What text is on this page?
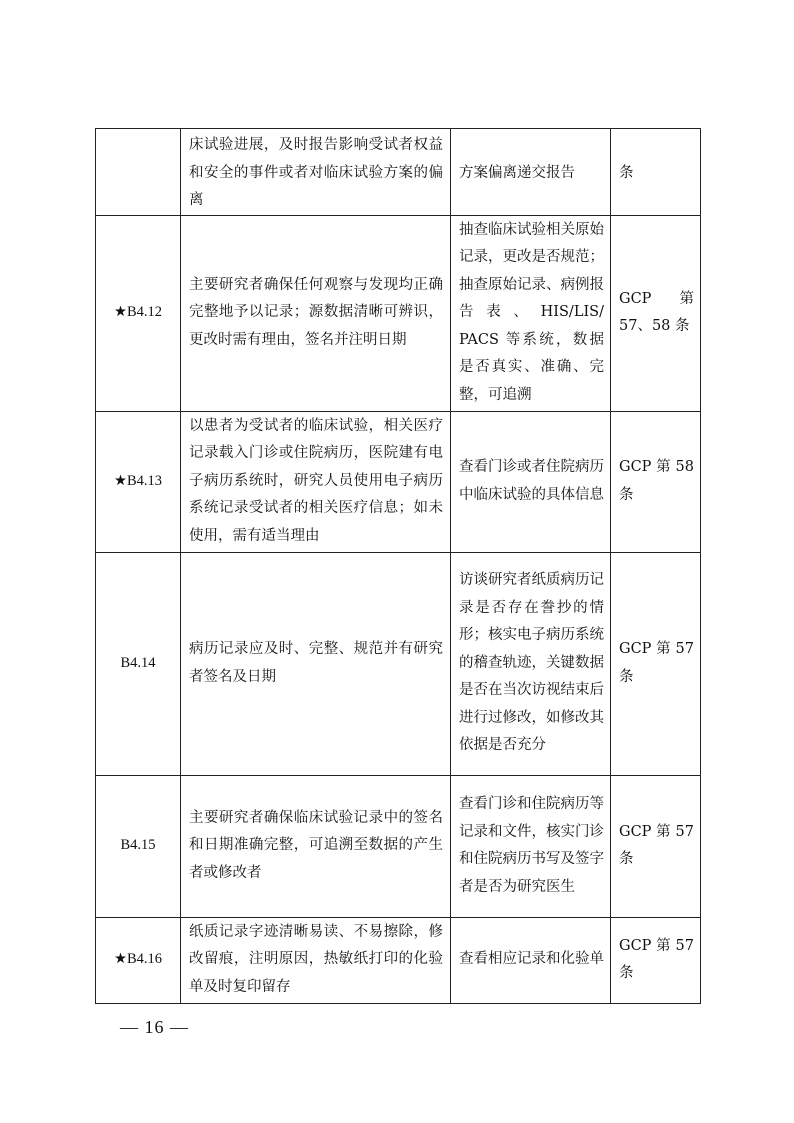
	床试验进展，及时报告影响受试者权益和安全的事件或者对临床试验方案的偏离	方案偏离递交报告	条
★B4.12	主要研究者确保任何观察与发现均正确完整地予以记录；源数据清晰可辨识，更改时需有理由，签名并注明日期	抽查临床试验相关原始记录，更改是否规范；抽查原始记录、病例报告表、HIS/LIS/ PACS 等系统，数据是否真实、准确、完整，可追溯	GCP 第 57、58 条
★B4.13	以患者为受试者的临床试验，相关医疗记录载入门诊或住院病历，医院建有电子病历系统时，研究人员使用电子病历系统记录受试者的相关医疗信息；如未使用，需有适当理由	查看门诊或者住院病历中临床试验的具体信息	GCP 第 58 条
B4.14	病历记录应及时、完整、规范并有研究者签名及日期	访谈研究者纸质病历记录是否存在誊抄的情形；核实电子病历系统的稽查轨迹，关键数据是否在当次访视结束后进行过修改，如修改其依据是否充分	GCP 第 57 条
B4.15	主要研究者确保临床试验记录中的签名和日期准确完整，可追溯至数据的产生者或修改者	查看门诊和住院病历等记录和文件，核实门诊和住院病历书写及签字者是否为研究医生	GCP 第 57 条
★B4.16	纸质记录字迹清晰易读、不易擦除，修改留痕，注明原因，热敏纸打印的化验单及时复印留存	查看相应记录和化验单	GCP 第 57 条
— 16 —
